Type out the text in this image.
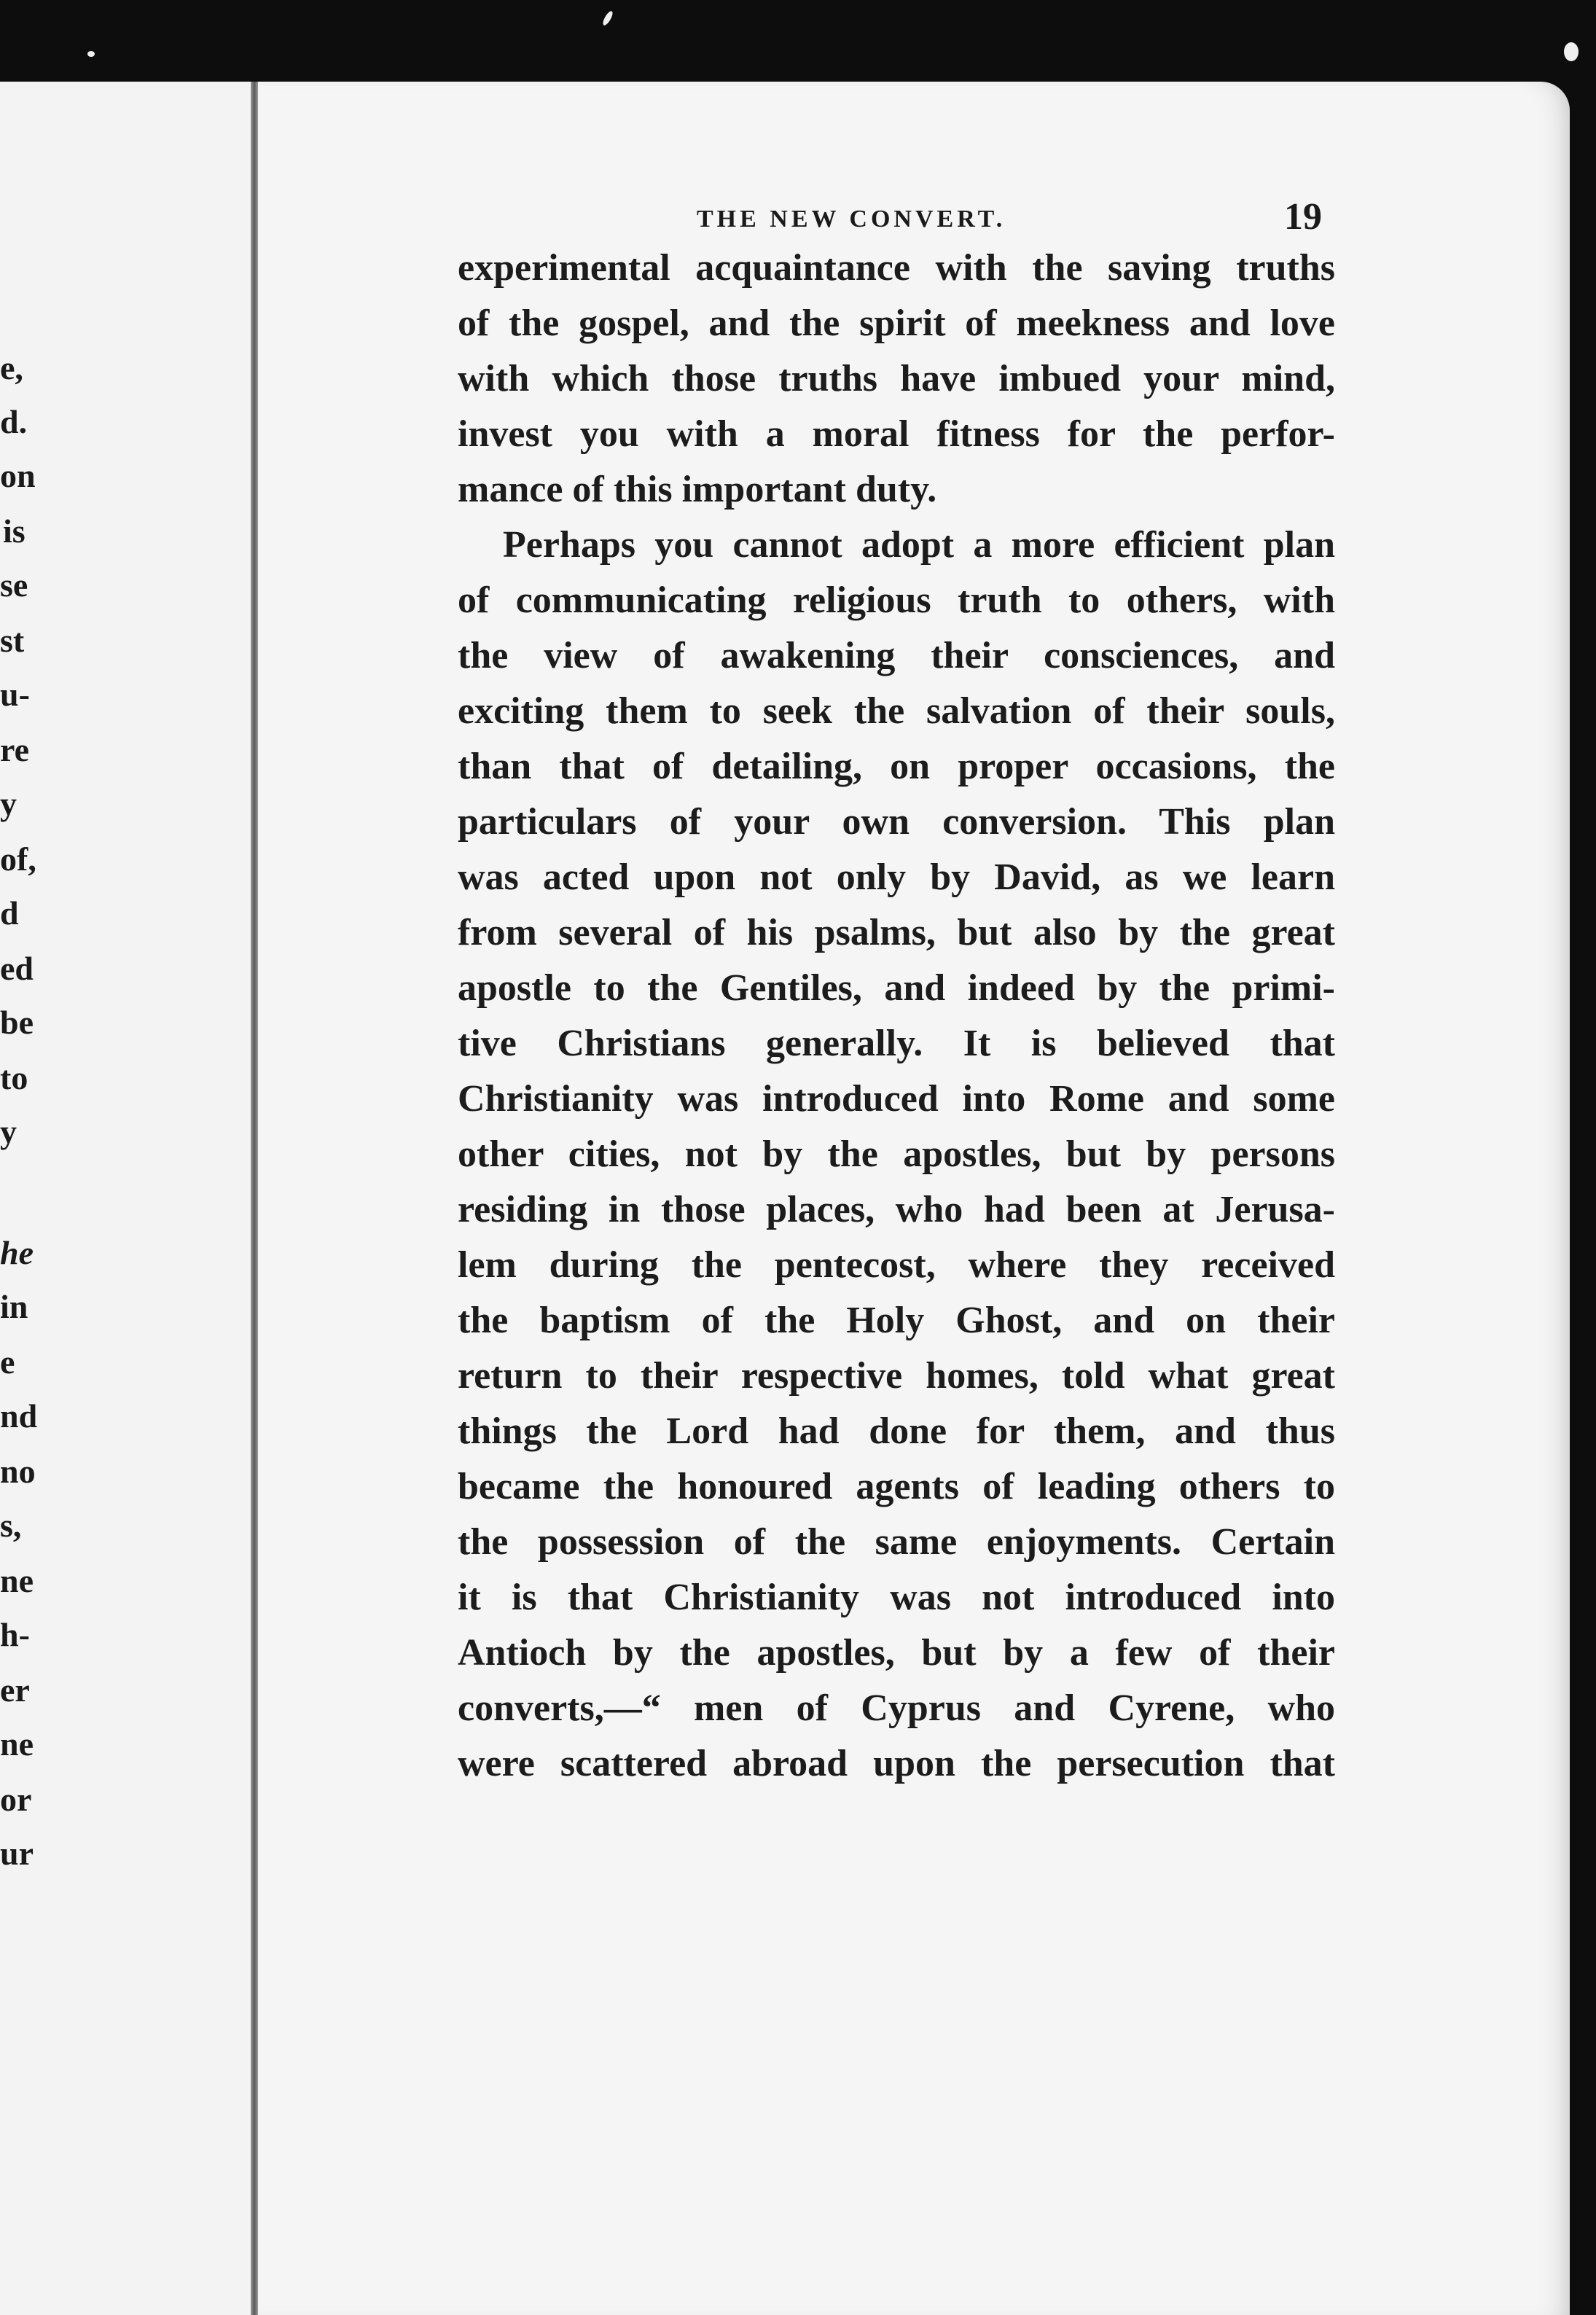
e,
d.
on
is
se
st
u-
re
y
of,
d
ed
be
to
y
he
in
e
nd
no
s,
ne
h-
er
ne
or
ur
THE NEW CONVERT.	19
experimental acquaintance with the saving truths
of the gospel, and the spirit of meekness and love
with which those truths have imbued your mind,
invest you with a moral fitness for the perfor-
mance of this important duty.
Perhaps you cannot adopt a more efficient plan
of communicating religious truth to others, with
the view of awakening their consciences, and
exciting them to seek the salvation of their souls,
than that of detailing, on proper occasions, the
particulars of your own conversion. This plan
was acted upon not only by David, as we learn
from several of his psalms, but also by the great
apostle to the Gentiles, and indeed by the primi-
tive Christians generally. It is believed that
Christianity was introduced into Rome and some
other cities, not by the apostles, but by persons
residing in those places, who had been at Jerusa-
lem during the pentecost, where they received
the baptism of the Holy Ghost, and on their
return to their respective homes, told what great
things the Lord had done for them, and thus
became the honoured agents of leading others to
the possession of the same enjoyments. Certain
it is that Christianity was not introduced into
Antioch by the apostles, but by a few of their
converts,—“ men of Cyprus and Cyrene, who
were scattered abroad upon the persecution that
